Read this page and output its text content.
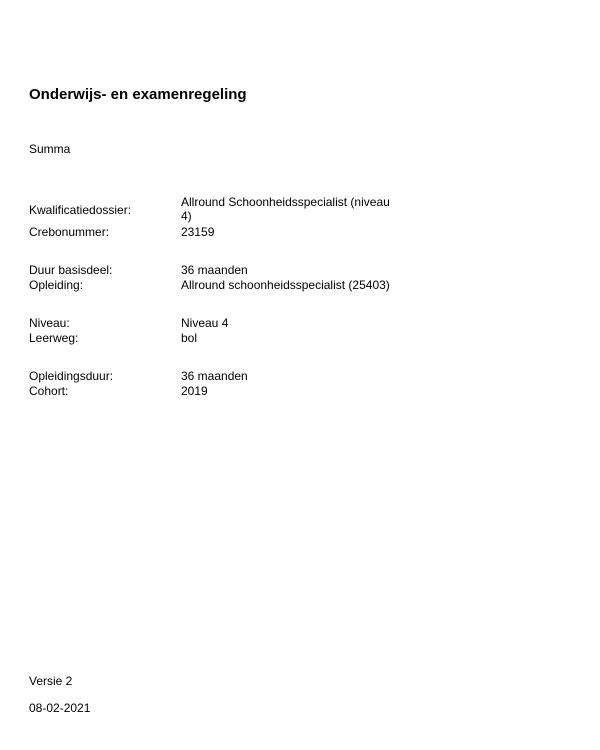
Onderwijs- en examenregeling
Summa
Kwalificatiedossier:
Allround Schoonheidsspecialist (niveau 4)
Crebonummer:	23159
Duur basisdeel:	36 maanden
Opleiding:	Allround schoonheidsspecialist (25403)
Niveau:	Niveau 4
Leerweg:	bol
Opleidingsduur:	36 maanden
Cohort:	2019
Versie 2
08-02-2021
